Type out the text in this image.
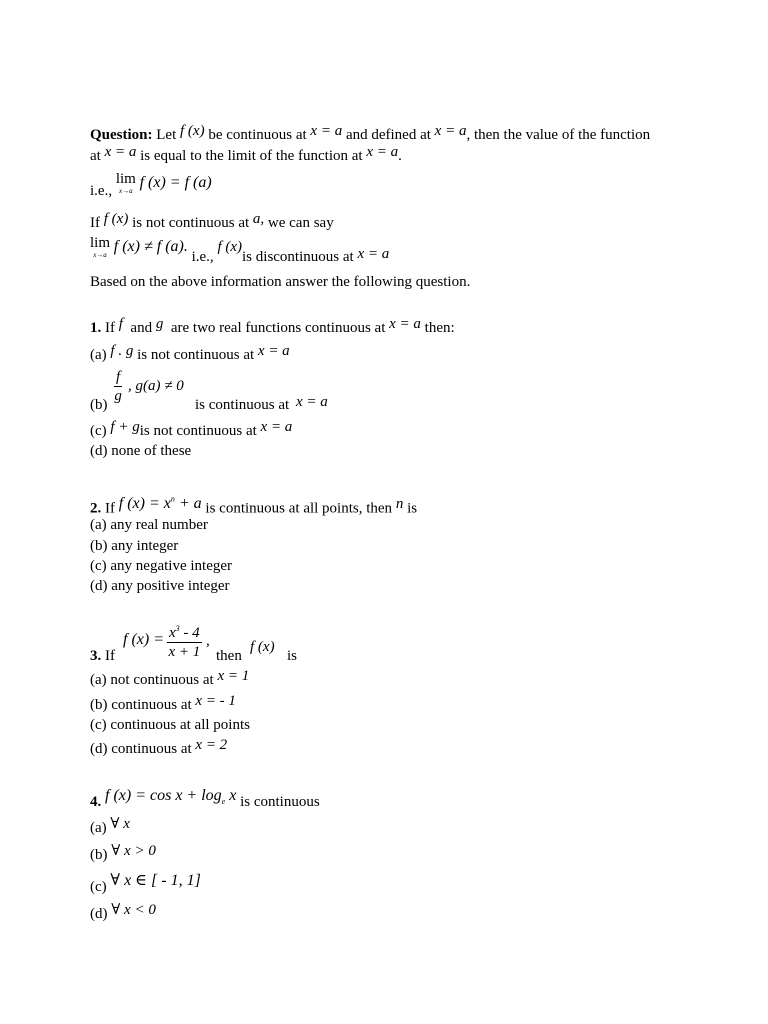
Question: Let f (x) be continuous at x = a and defined at x = a, then the value of the function
at x = a is equal to the limit of the function at x = a.
i.e.,
lim
x→a f (x) = f (a)
If f (x) is not continuous at a, we can say
lim
x→a f (x) ≠ f (a). i.e., f (x)is discontinuous at x = a
Based on the above information answer the following question.
1. If f and g are two real functions continuous at x = a then:
(a) f . g is not continuous at x = a
$(b) \frac{f}{g}$ , g(a) ≠ 0
is continuous at x = a
(c) f + gis not continuous at x = a
(d) none of these
2. If f $(x) = x^n + a$ is continuous at all points, then n is
(a) any real number
(b) any integer
(c) any negative integer
(d) any positive integer
3. If
f $(x) = \frac{x^3 - 4}{x + 1}$ ,
then
f (x)
is
(a) not continuous at x = 1
(b) continuous at x = - 1
(c) continuous at all points
(d) continuous at x = 2
4. f $(x) = \cos x + \log_e x$ is continuous
(a) ∀ x
(b) ∀ x > 0
(c) ∀ x ∈ [ - 1, 1]
(d) ∀ x < 0
